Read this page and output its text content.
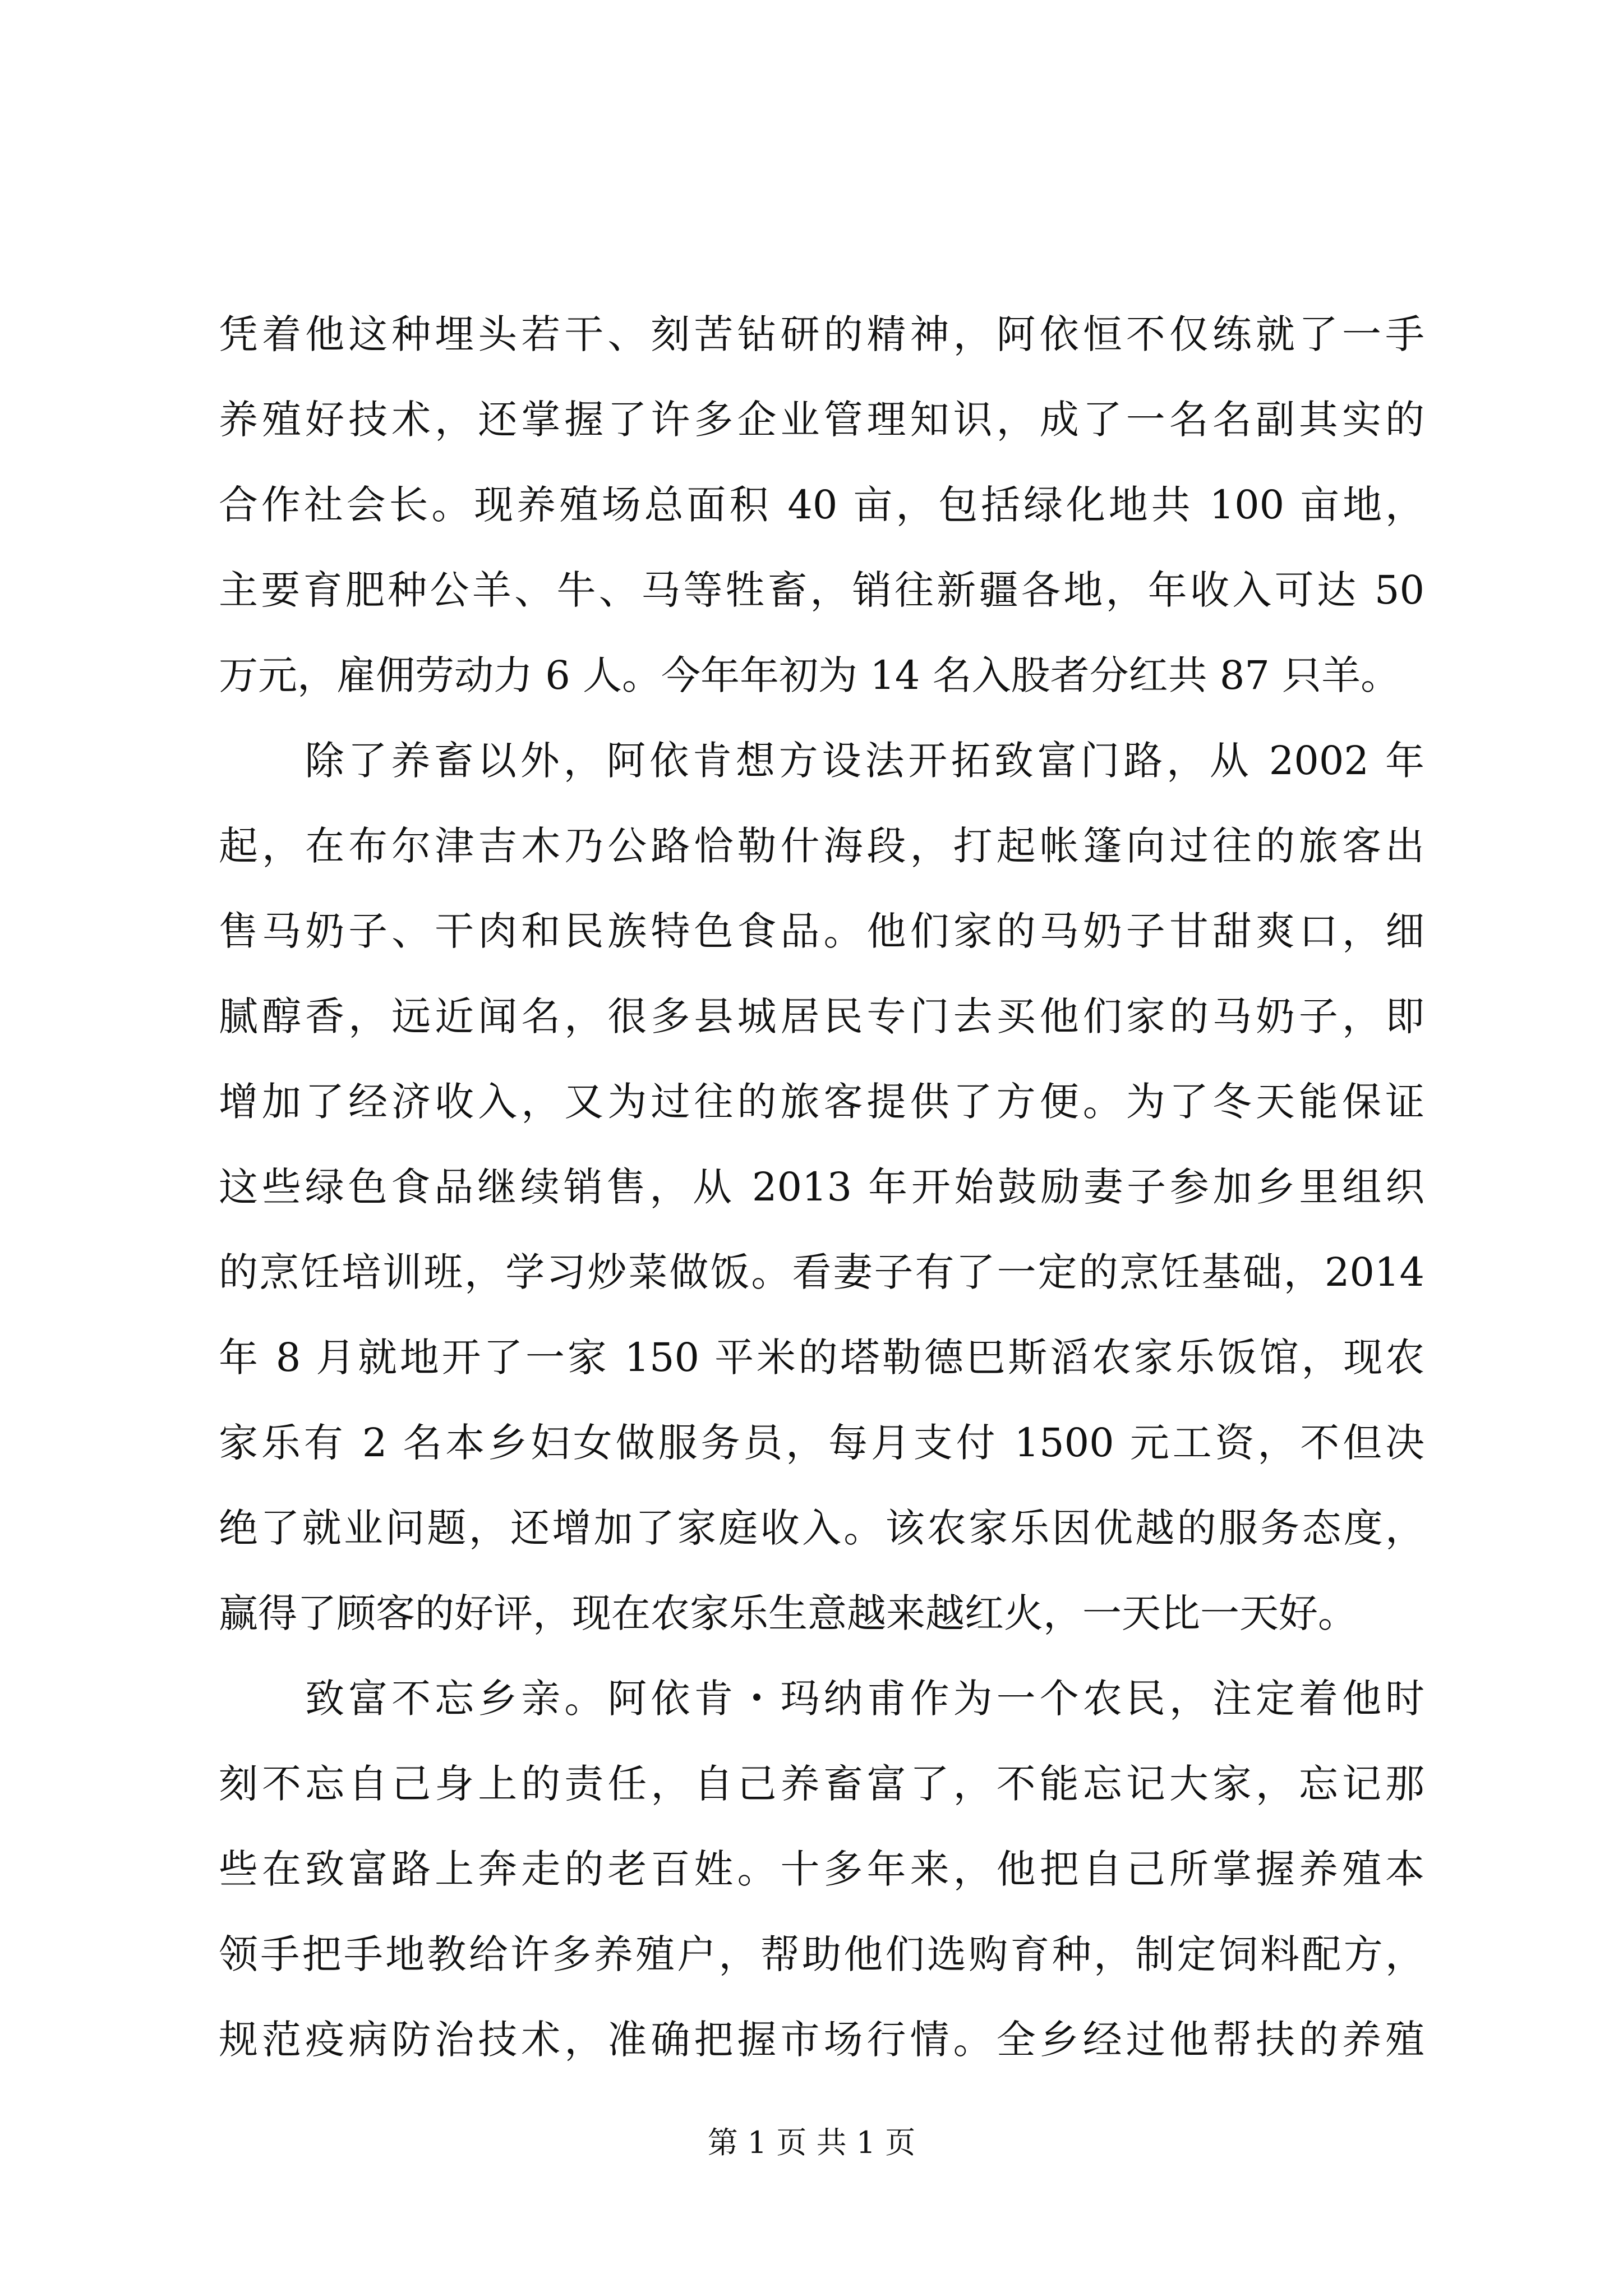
凭着他这种埋头若干、刻苦钻研的精神，阿依恒不仅练就了一手
养殖好技术，还掌握了许多企业管理知识，成了一名名副其实的
合作社会长。现养殖场总面积 40 亩，包括绿化地共 100 亩地，
主要育肥种公羊、牛、马等牲畜，销往新疆各地，年收入可达 50
万元，雇佣劳动力 6 人。今年年初为 14 名入股者分红共 87 只羊。
　　除了养畜以外，阿依肯想方设法开拓致富门路，从 2002 年
起，在布尔津吉木乃公路恰勒什海段，打起帐篷向过往的旅客出
售马奶子、干肉和民族特色食品。他们家的马奶子甘甜爽口，细
腻醇香，远近闻名，很多县城居民专门去买他们家的马奶子，即
增加了经济收入，又为过往的旅客提供了方便。为了冬天能保证
这些绿色食品继续销售，从 2013 年开始鼓励妻子参加乡里组织
的烹饪培训班，学习炒菜做饭。看妻子有了一定的烹饪基础，2014
年 8 月就地开了一家 150 平米的塔勒德巴斯滔农家乐饭馆，现农
家乐有 2 名本乡妇女做服务员，每月支付 1500 元工资，不但决
绝了就业问题，还增加了家庭收入。该农家乐因优越的服务态度，
赢得了顾客的好评，现在农家乐生意越来越红火，一天比一天好。
　　致富不忘乡亲。阿依肯・玛纳甫作为一个农民，注定着他时
刻不忘自己身上的责任，自己养畜富了，不能忘记大家，忘记那
些在致富路上奔走的老百姓。十多年来，他把自己所掌握养殖本
领手把手地教给许多养殖户，帮助他们选购育种，制定饲料配方，
规范疫病防治技术，准确把握市场行情。全乡经过他帮扶的养殖
第 1 页 共 1 页
